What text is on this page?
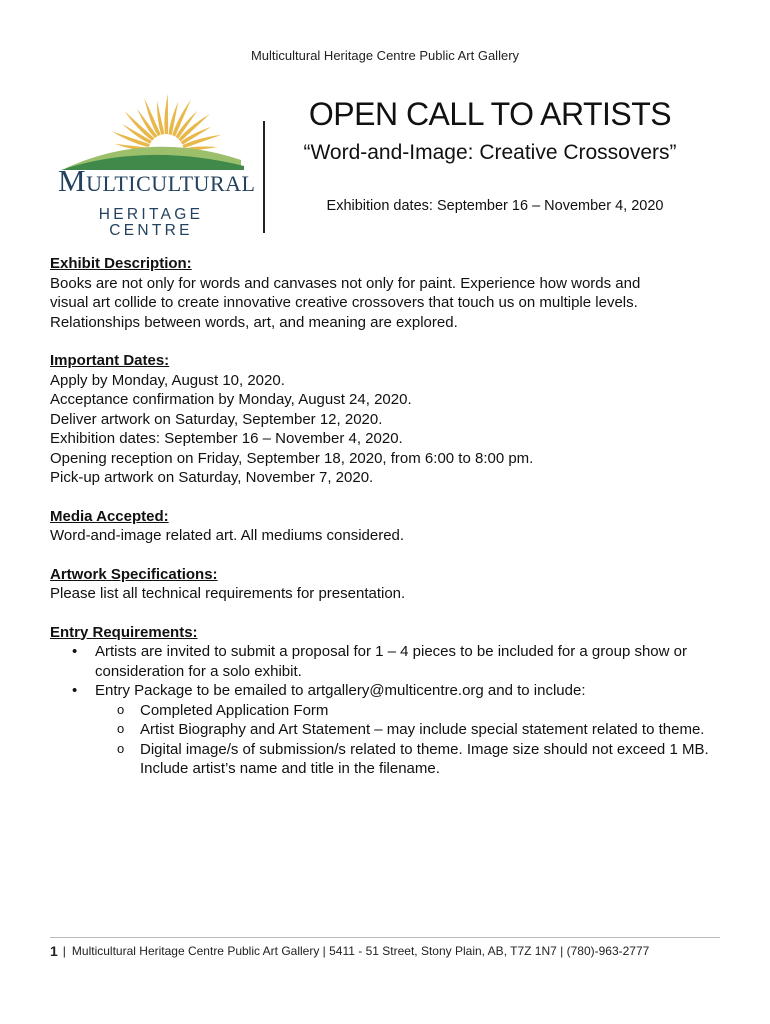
Multicultural Heritage Centre Public Art Gallery
Multicultural
HERITAGE CENTRE
OPEN CALL TO ARTISTS
“Word-and-Image: Creative Crossovers”
Exhibition dates: September 16 – November 4, 2020
Exhibit Description:
Books are not only for words and canvases not only for paint. Experience how words and
visual art collide to create innovative creative crossovers that touch us on multiple levels.
Relationships between words, art, and meaning are explored.
Important Dates:
Apply by Monday, August 10, 2020.
Acceptance confirmation by Monday, August 24, 2020.
Deliver artwork on Saturday, September 12, 2020.
Exhibition dates: September 16 – November 4, 2020.
Opening reception on Friday, September 18, 2020, from 6:00 to 8:00 pm.
Pick-up artwork on Saturday, November 7, 2020.
Media Accepted:
Word-and-image related art. All mediums considered.
Artwork Specifications:
Please list all technical requirements for presentation.
Entry Requirements:
• Artists are invited to submit a proposal for 1 – 4 pieces to be included for a group show or consideration for a solo exhibit.
• Entry Package to be emailed to artgallery@multicentre.org and to include:
o Completed Application Form
o Artist Biography and Art Statement – may include special statement related to theme.
o Digital image/s of submission/s related to theme. Image size should not exceed 1 MB. Include artist’s name and title in the filename.
1 | Multicultural Heritage Centre Public Art Gallery | 5411 - 51 Street, Stony Plain, AB, T7Z 1N7 | (780)-963-2777
